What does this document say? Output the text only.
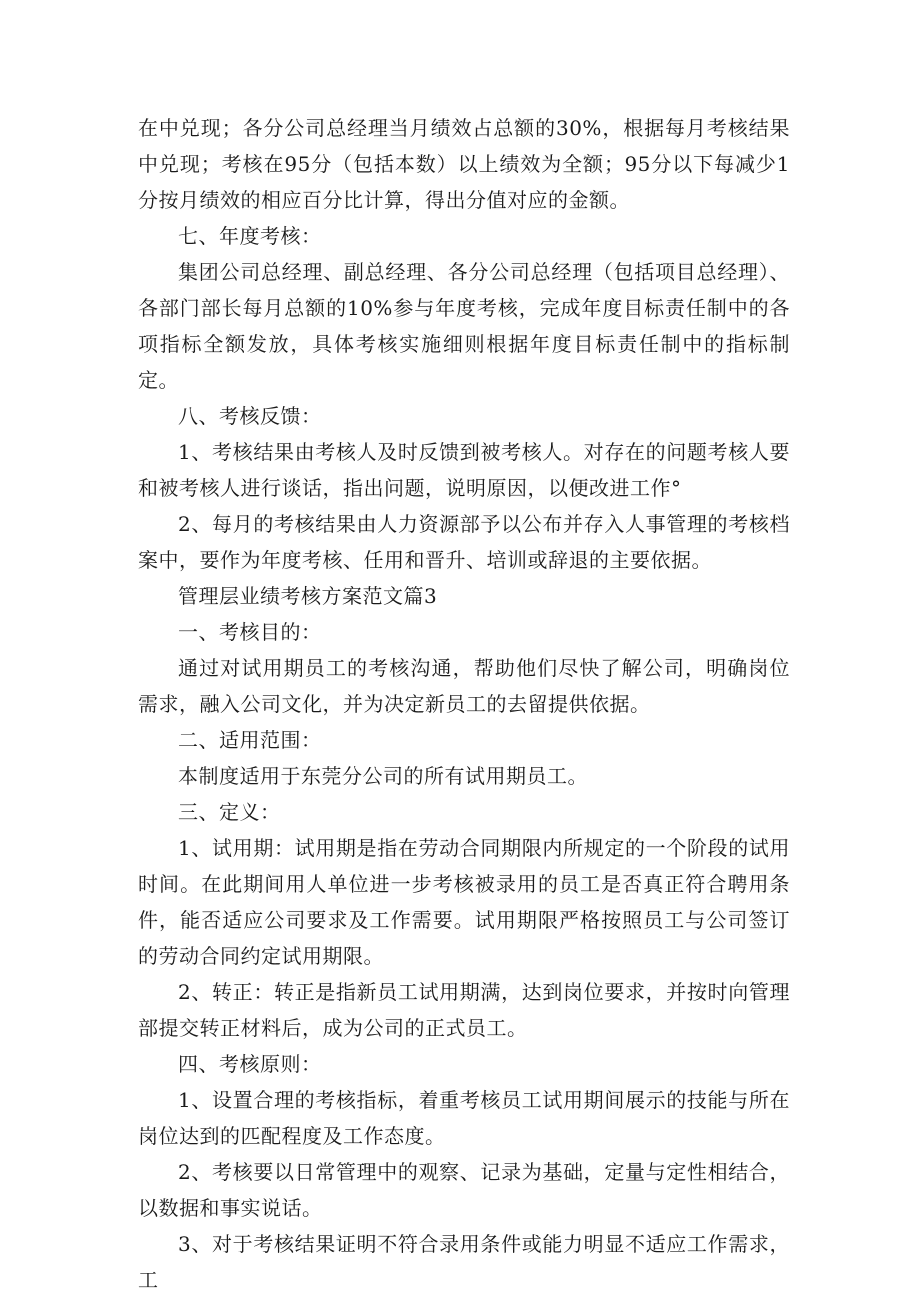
在中兑现；各分公司总经理当月绩效占总额的30%，根据每月考核结果中兑现；考核在95分（包括本数）以上绩效为全额；95分以下每减少1分按月绩效的相应百分比计算，得出分值对应的金额。

七、年度考核：

集团公司总经理、副总经理、各分公司总经理（包括项目总经理）、各部门部长每月总额的10%参与年度考核，完成年度目标责任制中的各项指标全额发放，具体考核实施细则根据年度目标责任制中的指标制定。

八、考核反馈：

1、考核结果由考核人及时反馈到被考核人。对存在的问题考核人要和被考核人进行谈话，指出问题，说明原因，以便改进工作°

2、每月的考核结果由人力资源部予以公布并存入人事管理的考核档案中，要作为年度考核、任用和晋升、培训或辞退的主要依据。

管理层业绩考核方案范文篇3

一、考核目的：

通过对试用期员工的考核沟通，帮助他们尽快了解公司，明确岗位需求，融入公司文化，并为决定新员工的去留提供依据。

二、适用范围：

本制度适用于东莞分公司的所有试用期员工。

三、定义：

1、试用期：试用期是指在劳动合同期限内所规定的一个阶段的试用时间。在此期间用人单位进一步考核被录用的员工是否真正符合聘用条件，能否适应公司要求及工作需要。试用期限严格按照员工与公司签订的劳动合同约定试用期限。

2、转正：转正是指新员工试用期满，达到岗位要求，并按时向管理部提交转正材料后，成为公司的正式员工。

四、考核原则：

1、设置合理的考核指标，着重考核员工试用期间展示的技能与所在岗位达到的匹配程度及工作态度。

2、考核要以日常管理中的观察、记录为基础，定量与定性相结合，以数据和事实说话。

3、对于考核结果证明不符合录用条件或能力明显不适应工作需求，工
